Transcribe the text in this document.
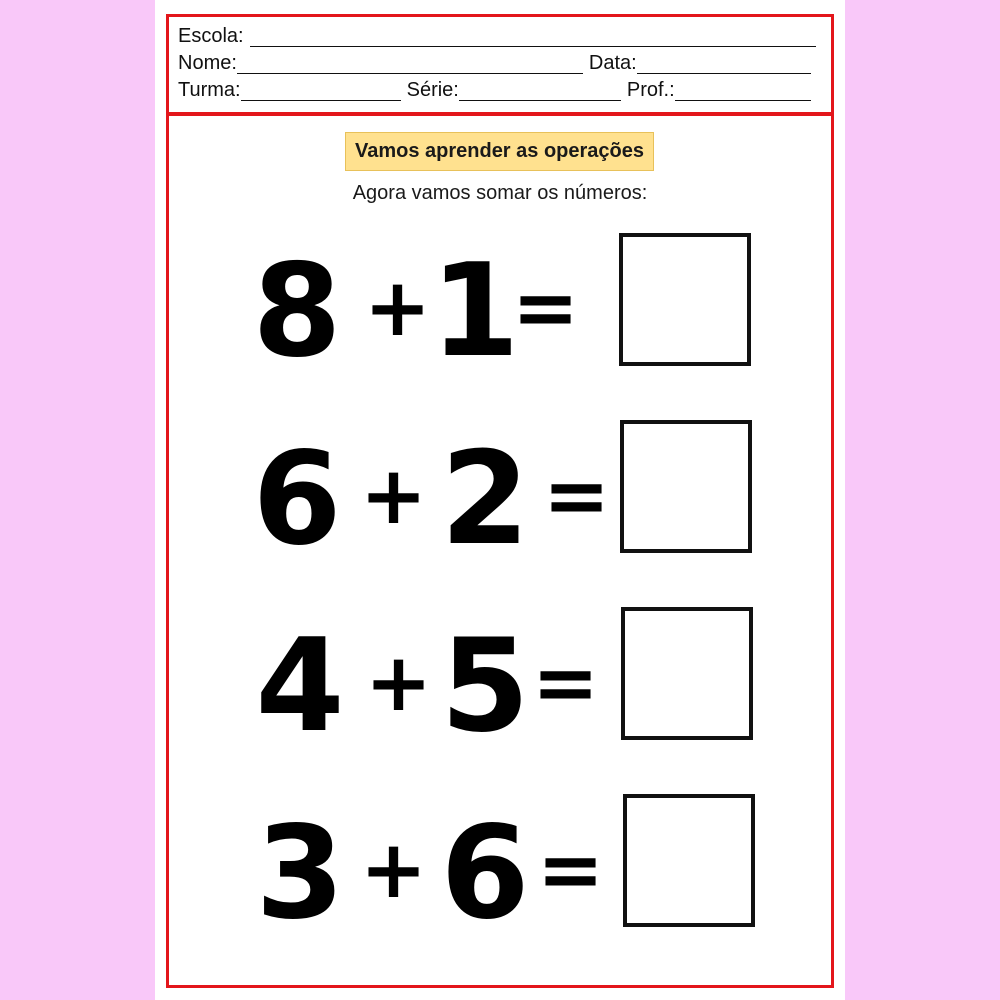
Escola:
Nome:	Data:
Turma:	Série:	Prof.:
Vamos aprender as operações
Agora vamos somar os números:
8 + 1
=
6 + 2 =
4 + 5 =
3 + 6 =
